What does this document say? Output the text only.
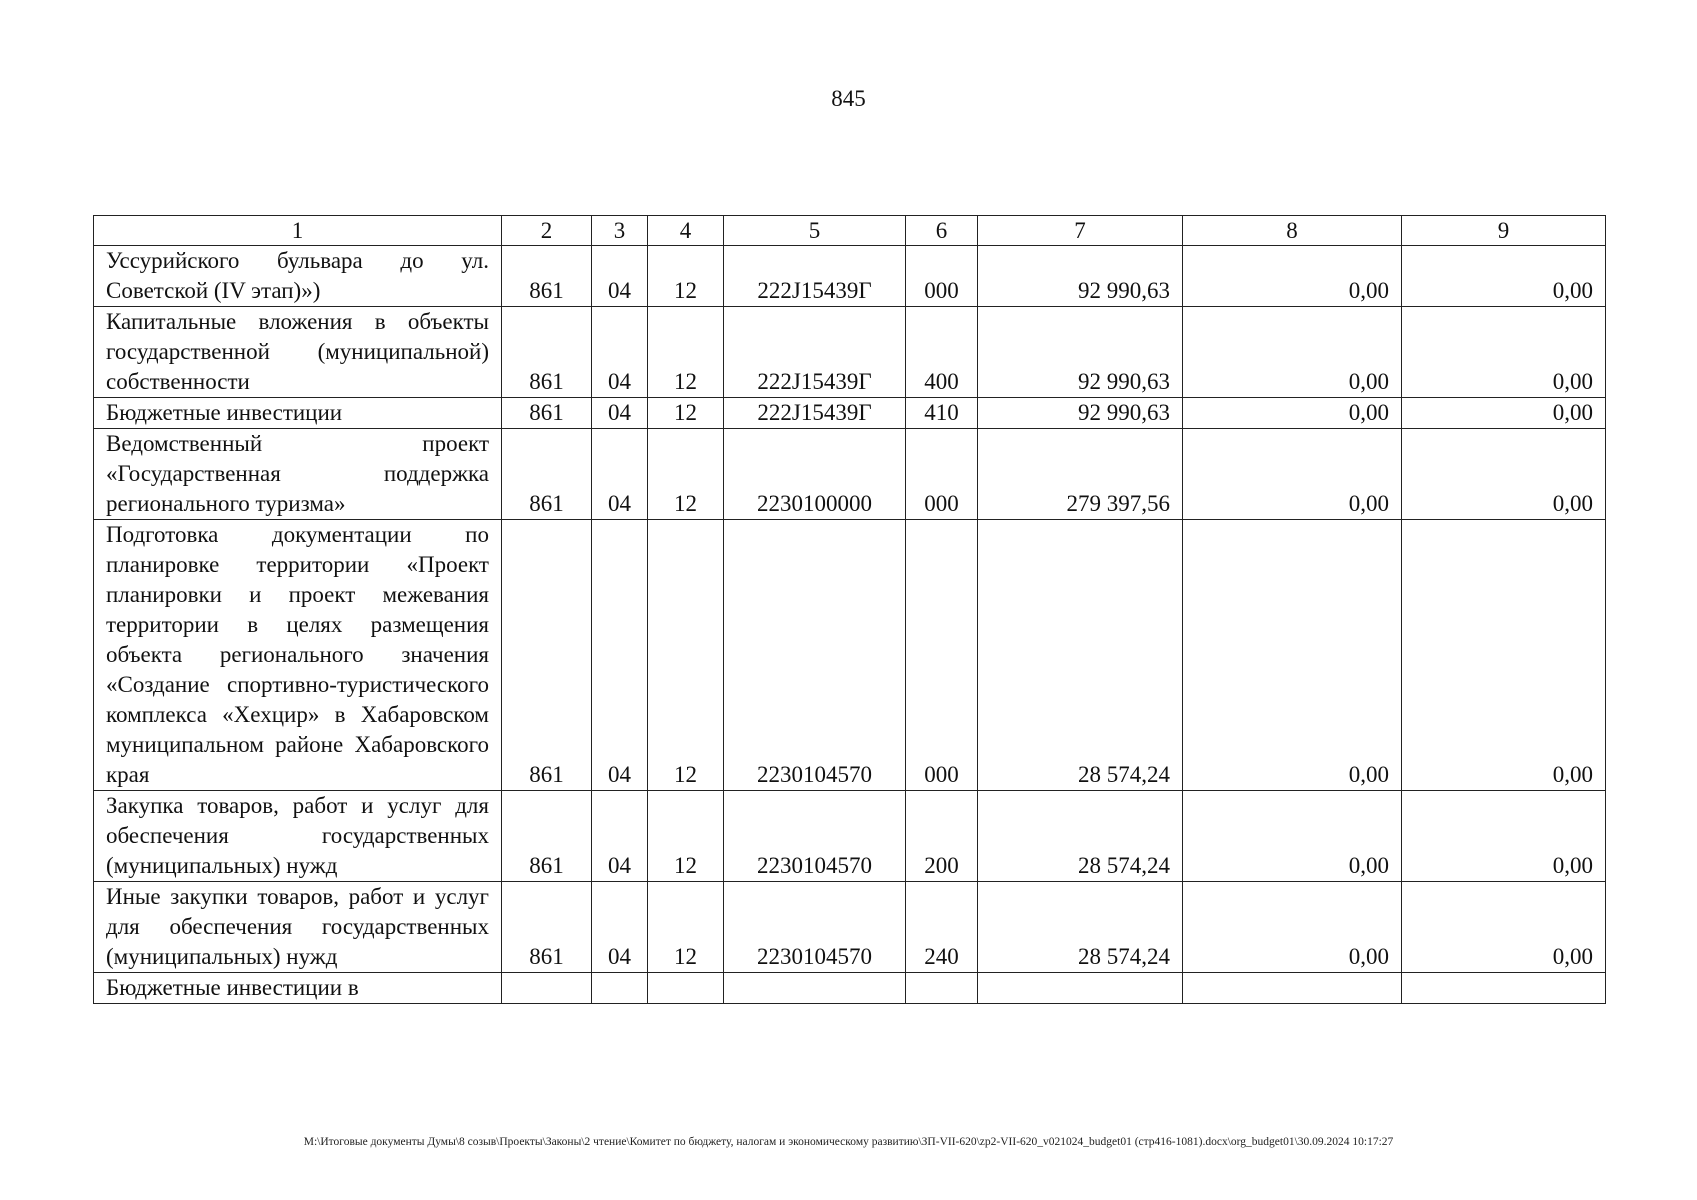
845
1	2	3	4	5	6	7	8	9
Уссурийского бульвара до ул. Советской (IV этап)»)	861	04	12	222J15439Г	000	92 990,63	0,00	0,00
Капитальные вложения в объекты государственной (муниципальной) собственности	861	04	12	222J15439Г	400	92 990,63	0,00	0,00
Бюджетные инвестиции	861	04	12	222J15439Г	410	92 990,63	0,00	0,00
Ведомственный проект «Государственная поддержка регионального туризма»	861	04	12	2230100000	000	279 397,56	0,00	0,00
Подготовка документации по планировке территории «Проект планировки и проект межевания территории в целях размещения объекта регионального значения «Создание спортивно-туристического комплекса «Хехцир» в Хабаровском муниципальном районе Хабаровского края	861	04	12	2230104570	000	28 574,24	0,00	0,00
Закупка товаров, работ и услуг для обеспечения государственных (муниципальных) нужд	861	04	12	2230104570	200	28 574,24	0,00	0,00
Иные закупки товаров, работ и услуг для обеспечения государственных (муниципальных) нужд	861	04	12	2230104570	240	28 574,24	0,00	0,00
Бюджетные инвестиции в								
M:\Итоговые документы Думы\8 созыв\Проекты\Законы\2 чтение\Комитет по бюджету, налогам и экономическому развитию\ЗП-VII-620\zp2-VII-620_v021024_budget01 (стр416-1081).docx\org_budget01\30.09.2024 10:17:27
